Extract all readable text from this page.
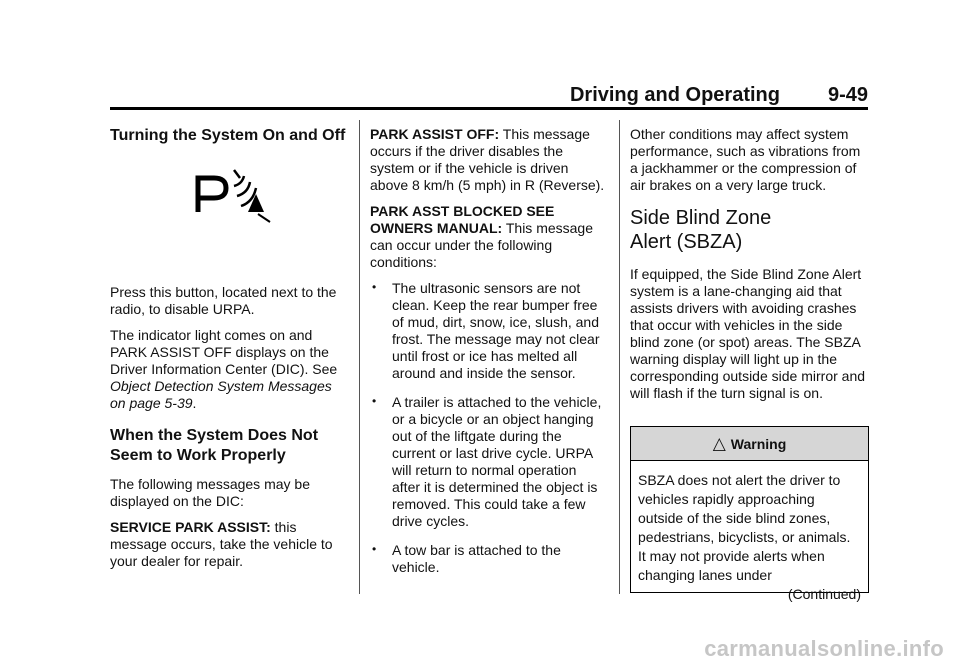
Driving and Operating 9-49
Turning the System On and Off

Press this button, located next to the radio, to disable URPA.

The indicator light comes on and PARK ASSIST OFF displays on the Driver Information Center (DIC). See Object Detection System Messages on page 5-39.

When the System Does Not Seem to Work Properly

The following messages may be displayed on the DIC:

SERVICE PARK ASSIST: this message occurs, take the vehicle to your dealer for repair.

PARK ASSIST OFF: This message occurs if the driver disables the system or if the vehicle is driven above 8 km/h (5 mph) in R (Reverse).

PARK ASST BLOCKED SEE OWNERS MANUAL: This message can occur under the following conditions:

• The ultrasonic sensors are not clean. Keep the rear bumper free of mud, dirt, snow, ice, slush, and frost. The message may not clear until frost or ice has melted all around and inside the sensor.
• A trailer is attached to the vehicle, or a bicycle or an object hanging out of the liftgate during the current or last drive cycle. URPA will return to normal operation after it is determined the object is removed. This could take a few drive cycles.
• A tow bar is attached to the vehicle.

Other conditions may affect system performance, such as vibrations from a jackhammer or the compression of air brakes on a very large truck.

Side Blind Zone Alert (SBZA)

If equipped, the Side Blind Zone Alert system is a lane-changing aid that assists drivers with avoiding crashes that occur with vehicles in the side blind zone (or spot) areas. The SBZA warning display will light up in the corresponding outside side mirror and will flash if the turn signal is on.

△ Warning

SBZA does not alert the driver to vehicles rapidly approaching outside of the side blind zones, pedestrians, bicyclists, or animals. It may not provide alerts when changing lanes under

(Continued)

carmanualsonline.info
